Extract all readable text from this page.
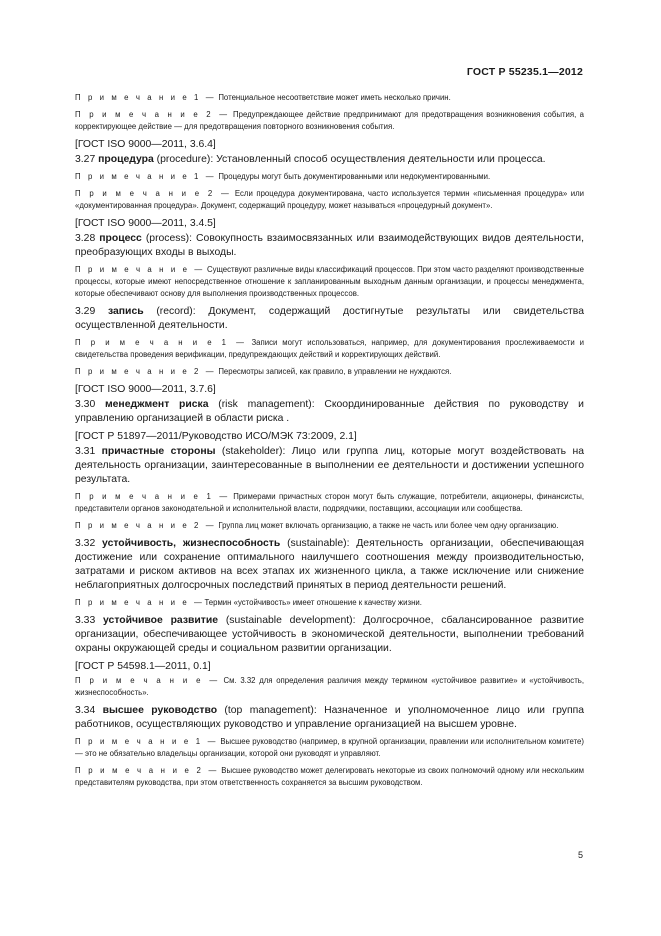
ГОСТ Р 55235.1—2012

П р и м е ч а н и е 1 — Потенциальное несоответствие может иметь несколько причин.

П р и м е ч а н и е 2 — Предупреждающее действие предпринимают для предотвращения возникновения события, а корректирующее действие — для предотвращения повторного возникновения события.

[ГОСТ ISO 9000—2011, 3.6.4]

3.27 процедура (procedure): Установленный способ осуществления деятельности или процесса.

П р и м е ч а н и е 1 — Процедуры могут быть документированными или недокументированными.

П р и м е ч а н и е 2 — Если процедура документирована, часто используется термин «письменная процедура» или «документированная процедура». Документ, содержащий процедуру, может называться «процедурный документ».

[ГОСТ ISO 9000—2011, 3.4.5]

3.28 процесс (process): Совокупность взаимосвязанных или взаимодействующих видов деятельности, преобразующих входы в выходы.

П р и м е ч а н и е — Существуют различные виды классификаций процессов. При этом часто разделяют производственные процессы, которые имеют непосредственное отношение к запланированным выходным данным организации, и процессы менеджмента, которые обеспечивают основу для выполнения производственных процессов.

3.29 запись (record): Документ, содержащий достигнутые результаты или свидетельства осуществленной деятельности.

П р и м е ч а н и е 1 — Записи могут использоваться, например, для документирования прослеживаемости и свидетельства проведения верификации, предупреждающих действий и корректирующих действий.

П р и м е ч а н и е 2 — Пересмотры записей, как правило, в управлении не нуждаются.

[ГОСТ ISO 9000—2011, 3.7.6]

3.30 менеджмент риска (risk management): Скоординированные действия по руководству и управлению организацией в области риска .

[ГОСТ Р 51897—2011/Руководство ИСО/МЭК 73:2009, 2.1]

3.31 причастные стороны (stakeholder): Лицо или группа лиц, которые могут воздействовать на деятельность организации, заинтересованные в выполнении ее деятельности и достижении успешного результата.

П р и м е ч а н и е 1 — Примерами причастных сторон могут быть служащие, потребители, акционеры, финансисты, представители органов законодательной и исполнительной власти, подрядчики, поставщики, ассоциации или сообщества.

П р и м е ч а н и е 2 — Группа лиц может включать организацию, а также не часть или более чем одну организацию.

3.32 устойчивость, жизнеспособность (sustainable): Деятельность организации, обеспечивающая достижение или сохранение оптимального наилучшего соотношения между производительностью, затратами и риском активов на всех этапах их жизненного цикла, а также исключение или снижение неблагоприятных долгосрочных последствий принятых в период деятельности решений.

П р и м е ч а н и е —Термин «устойчивость» имеет отношение к качеству жизни.

3.33 устойчивое развитие (sustainable development): Долгосрочное, сбалансированное развитие организации, обеспечивающее устойчивость в экономической деятельности, выполнении требований охраны окружающей среды и социальном развитии организации.

[ГОСТ Р 54598.1—2011, 0.1]

П р и м е ч а н и е — См. 3.32 для определения различия между термином «устойчивое развитие» и «устойчивость, жизнеспособность».

3.34 высшее руководство (top management): Назначенное и уполномоченное лицо или группа работников, осуществляющих руководство и управление организацией на высшем уровне.

П р и м е ч а н и е 1 — Высшее руководство (например, в крупной организации, правлении или исполнительном комитете) — это не обязательно владельцы организации, которой они руководят и управляют.

П р и м е ч а н и е 2 — Высшее руководство может делегировать некоторые из своих полномочий одному или нескольким представителям руководства, при этом ответственность сохраняется за высшим руководством.

5
